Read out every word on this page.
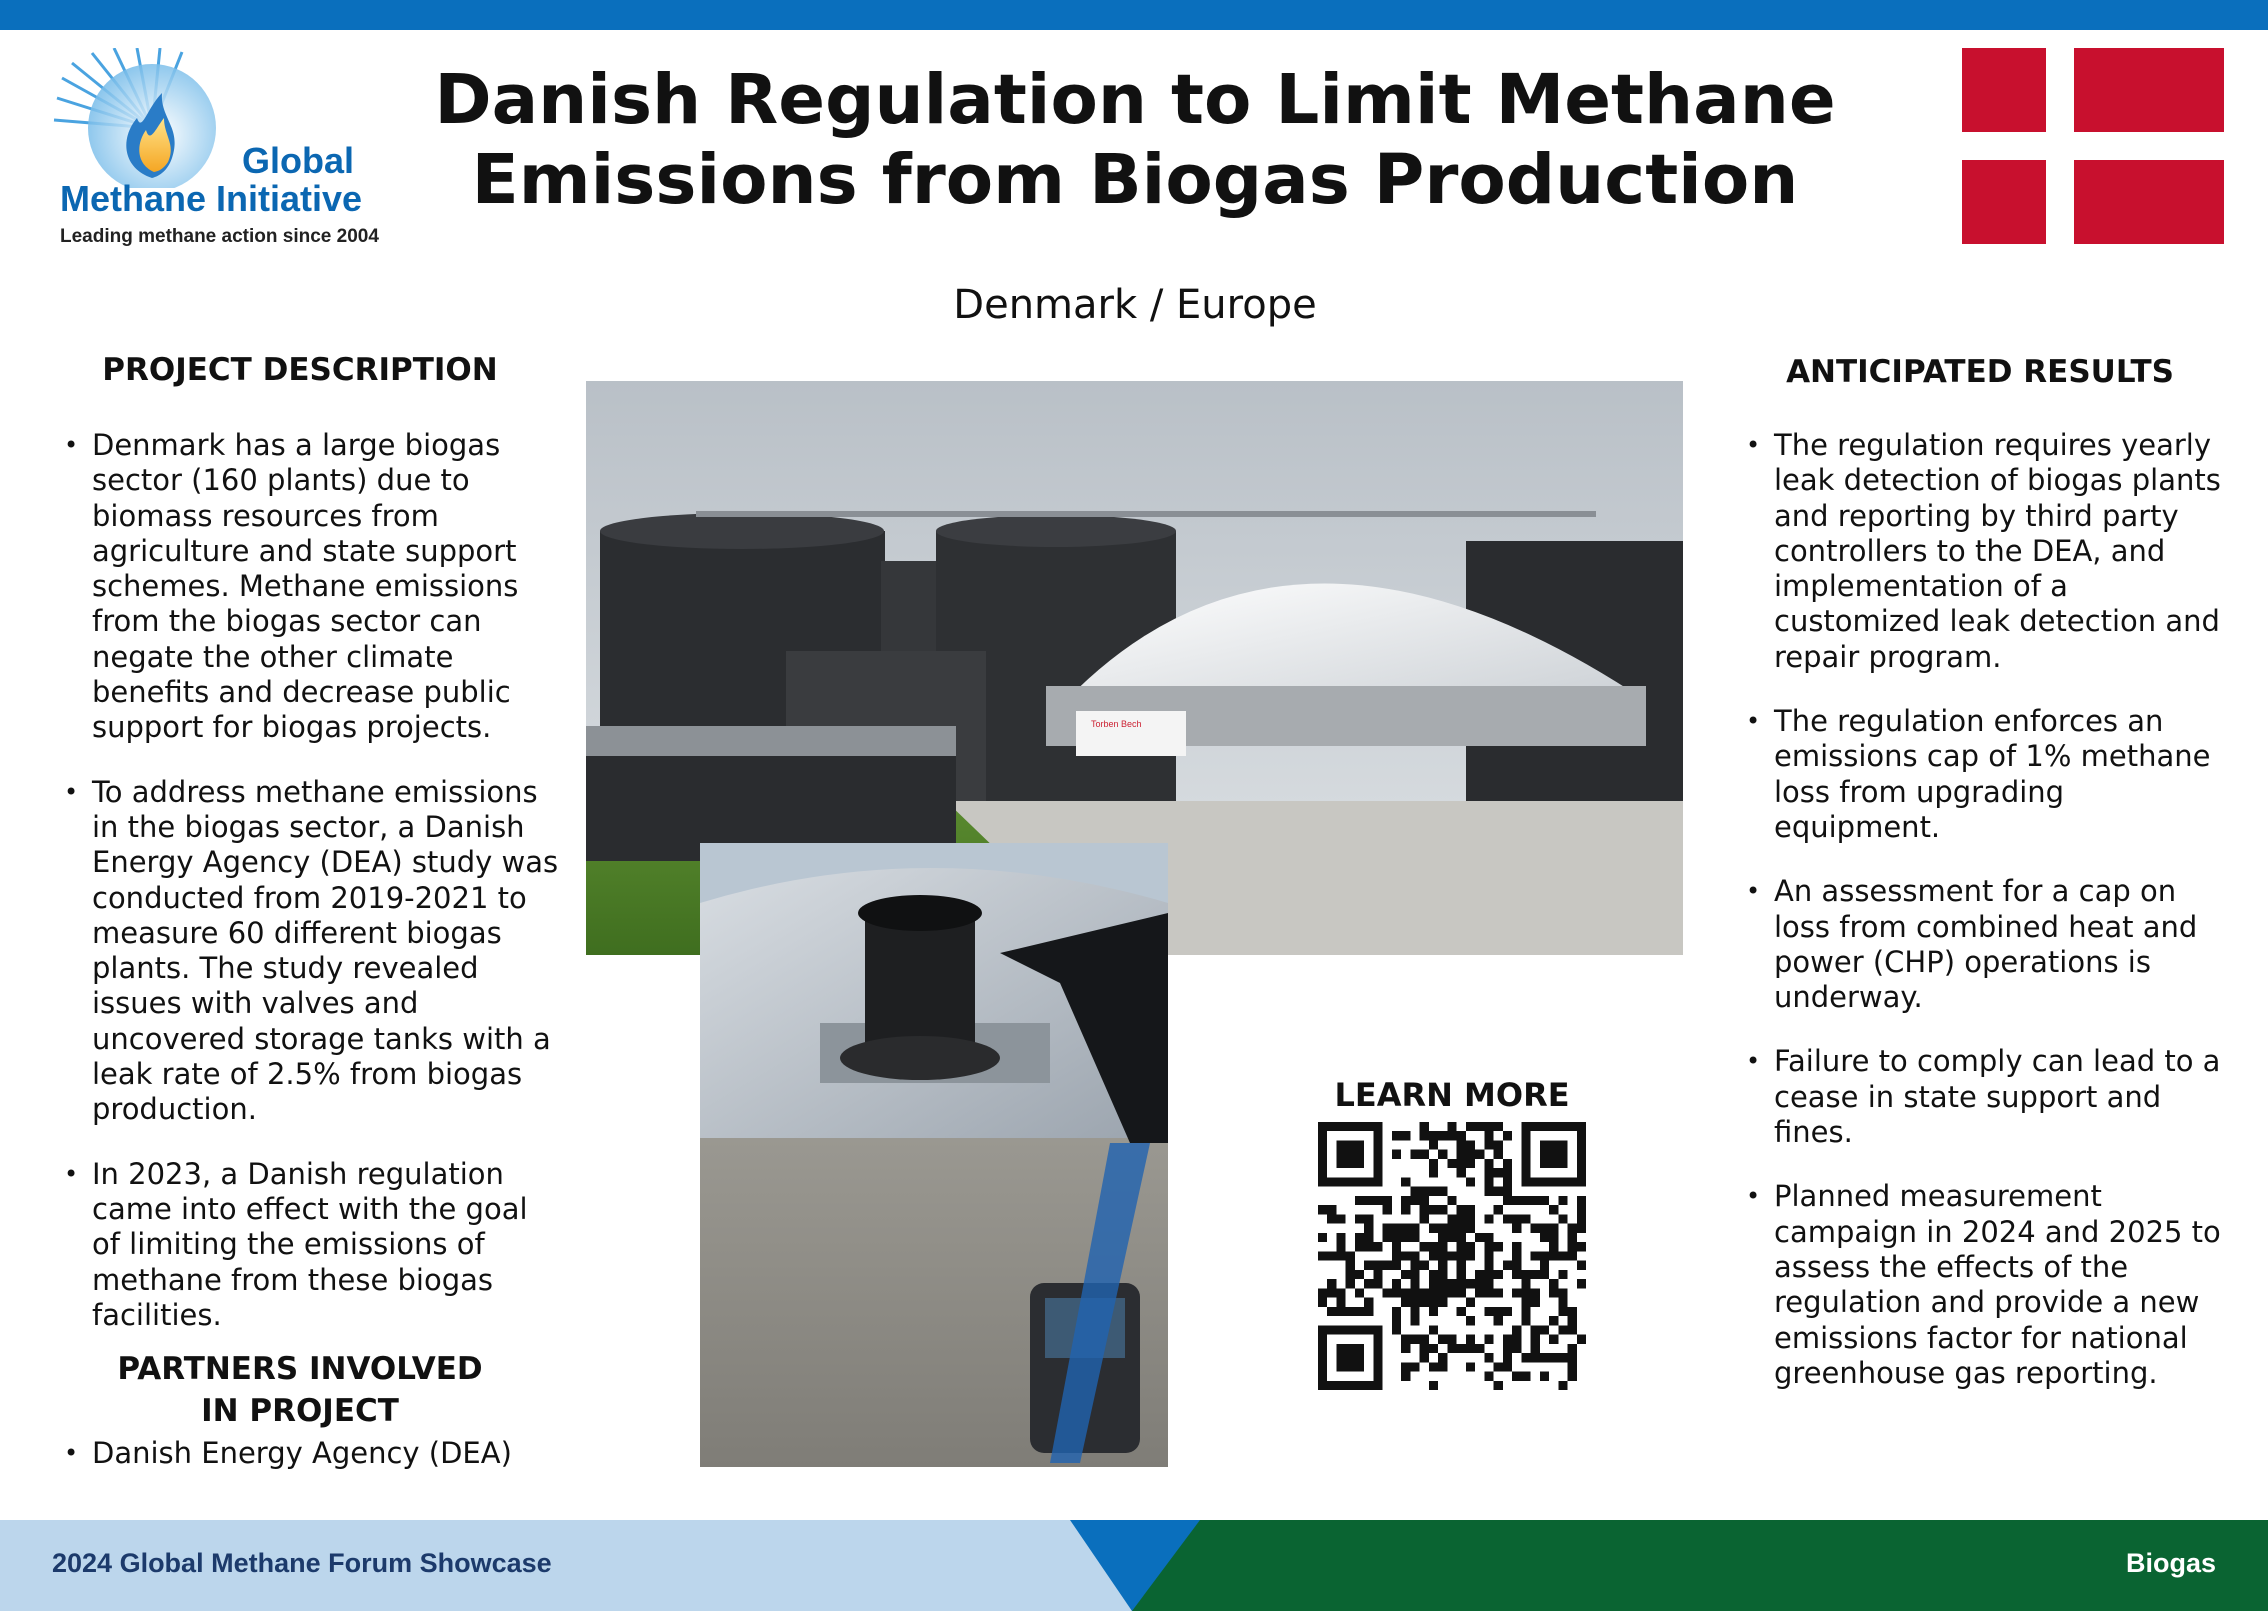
Global
Methane Initiative
Leading methane action since 2004
Danish Regulation to Limit Methane
Emissions from Biogas Production
Denmark / Europe
PROJECT DESCRIPTION
• Denmark has a large biogas sector (160 plants) due to biomass resources from agriculture and state support schemes. Methane emissions from the biogas sector can negate the other climate benefits and decrease public support for biogas projects.
• To address methane emissions in the biogas sector, a Danish Energy Agency (DEA) study was conducted from 2019-2021 to measure 60 different biogas plants. The study revealed issues with valves and uncovered storage tanks with a leak rate of 2.5% from biogas production.
• In 2023, a Danish regulation came into effect with the goal of limiting the emissions of methane from these biogas facilities.
PARTNERS INVOLVED
IN PROJECT
• Danish Energy Agency (DEA)
Torben Bech
ANTICIPATED RESULTS
• The regulation requires yearly leak detection of biogas plants and reporting by third party controllers to the DEA, and implementation of a customized leak detection and repair program.
• The regulation enforces an emissions cap of 1% methane loss from upgrading equipment.
• An assessment for a cap on loss from combined heat and power (CHP) operations is underway.
• Failure to comply can lead to a cease in state support and fines.
• Planned measurement campaign in 2024 and 2025 to assess the effects of the regulation and provide a new emissions factor for national greenhouse gas reporting.
LEARN MORE
2024 Global Methane Forum Showcase	Biogas
